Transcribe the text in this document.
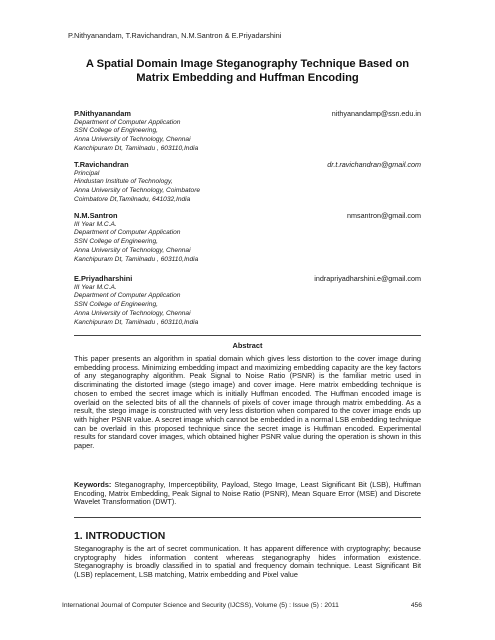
P.Nithyanandam, T.Ravichandran, N.M.Santron & E.Priyadarshini
A Spatial Domain Image Steganography Technique Based on
Matrix Embedding and Huffman Encoding
P.Nithyanandam	nithyanandamp@ssn.edu.in
Department of Computer Application
SSN College of Engineering,
Anna University of Technology, Chennai
Kanchipuram Dt, Tamilnadu , 603110,India
T.Ravichandran	dr.t.ravichandran@gmail.com
Principal
Hindustan Institute of Technology,
Anna University of Technology, Coimbatore
Coimbatore Dt,Tamilnadu, 641032,India
N.M.Santron	nmsantron@gmail.com
III Year M.C.A.
Department of Computer Application
SSN College of Engineering,
Anna University of Technology, Chennai
Kanchipuram Dt, Tamilnadu , 603110,India
E.Priyadharshini	indrapriyadharshini.e@gmail.com
III Year M.C.A.
Department of Computer Application
SSN College of Engineering,
Anna University of Technology, Chennai
Kanchipuram Dt, Tamilnadu , 603110,India
Abstract
This paper presents an algorithm in spatial domain which gives less distortion to the cover image during embedding process. Minimizing embedding impact and maximizing embedding capacity are the key factors of any steganography algorithm. Peak Signal to Noise Ratio (PSNR) is the familiar metric used in discriminating the distorted image (stego image) and cover image. Here matrix embedding technique is chosen to embed the secret image which is initially Huffman encoded. The Huffman encoded image is overlaid on the selected bits of all the channels of pixels of cover image through matrix embedding. As a result, the stego image is constructed with very less distortion when compared to the cover image ends up with higher PSNR value. A secret image which cannot be embedded in a normal LSB embedding technique can be overlaid in this proposed technique since the secret image is Huffman encoded. Experimental results for standard cover images, which obtained higher PSNR value during the operation is shown in this paper.
Keywords: Steganography, Imperceptibility, Payload, Stego Image, Least Significant Bit (LSB), Huffman Encoding, Matrix Embedding, Peak Signal to Noise Ratio (PSNR), Mean Square Error (MSE) and Discrete Wavelet Transformation (DWT).
1. INTRODUCTION
Steganography is the art of secret communication. It has apparent difference with cryptography; because cryptography hides information content whereas steganography hides information existence. Steganography is broadly classified in to spatial and frequency domain technique. Least Significant Bit (LSB) replacement, LSB matching, Matrix embedding and Pixel value
International Journal of Computer Science and Security (IJCSS), Volume (5) : Issue (5) : 2011	456
